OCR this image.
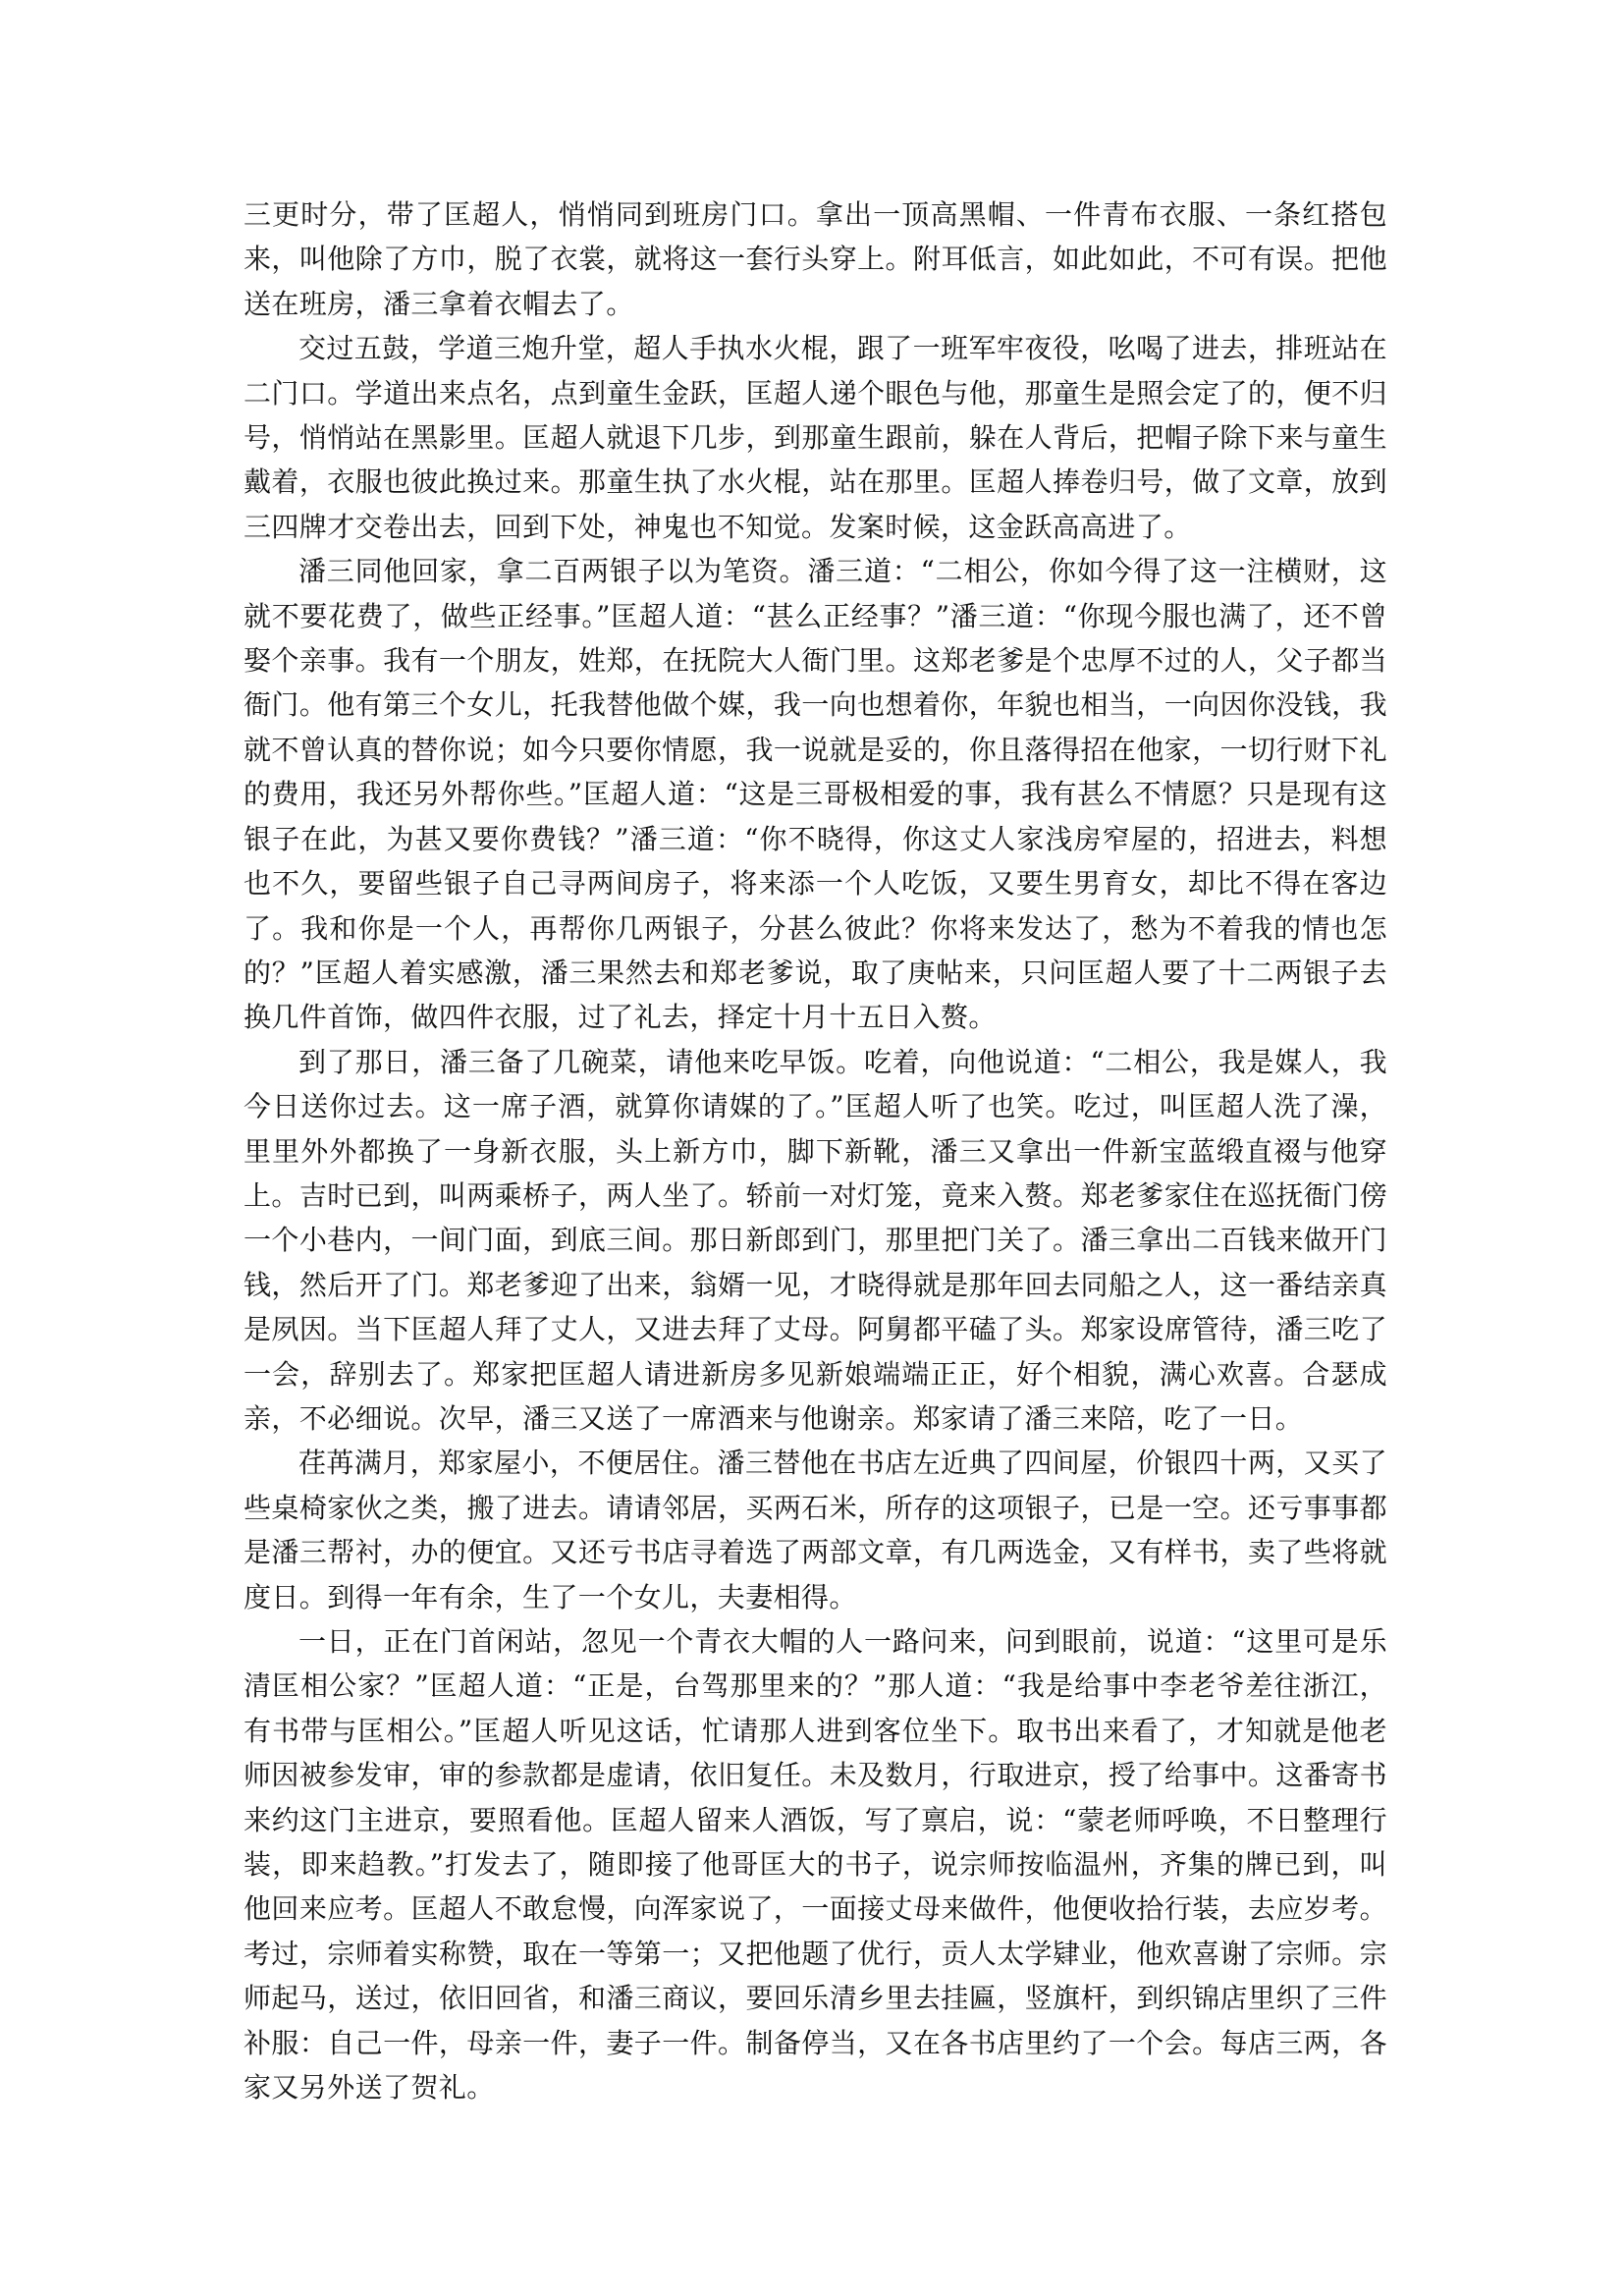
三更时分，带了匡超人，悄悄同到班房门口。拿出一顶高黑帽、一件青布衣服、一条红搭包来，叫他除了方巾，脱了衣裳，就将这一套行头穿上。附耳低言，如此如此，不可有误。把他送在班房，潘三拿着衣帽去了。

交过五鼓，学道三炮升堂，超人手执水火棍，跟了一班军牢夜役，吆喝了进去，排班站在二门口。学道出来点名，点到童生金跃，匡超人递个眼色与他，那童生是照会定了的，便不归号，悄悄站在黑影里。匡超人就退下几步，到那童生跟前，躲在人背后，把帽子除下来与童生戴着，衣服也彼此换过来。那童生执了水火棍，站在那里。匡超人捧卷归号，做了文章，放到三四牌才交卷出去，回到下处，神鬼也不知觉。发案时候，这金跃高高进了。

潘三同他回家，拿二百两银子以为笔资。潘三道：“二相公，你如今得了这一注横财，这就不要花费了，做些正经事。”匡超人道：“甚么正经事？”潘三道：“你现今服也满了，还不曾娶个亲事。我有一个朋友，姓郑，在抚院大人衙门里。这郑老爹是个忠厚不过的人，父子都当衙门。他有第三个女儿，托我替他做个媒，我一向也想着你，年貌也相当，一向因你没钱，我就不曾认真的替你说；如今只要你情愿，我一说就是妥的，你且落得招在他家，一切行财下礼的费用，我还另外帮你些。”匡超人道：“这是三哥极相爱的事，我有甚么不情愿？只是现有这银子在此，为甚又要你费钱？”潘三道：“你不晓得，你这丈人家浅房窄屋的，招进去，料想也不久，要留些银子自己寻两间房子，将来添一个人吃饭，又要生男育女，却比不得在客边了。我和你是一个人，再帮你几两银子，分甚么彼此？你将来发达了，愁为不着我的情也怎的？”匡超人着实感激，潘三果然去和郑老爹说，取了庚帖来，只问匡超人要了十二两银子去换几件首饰，做四件衣服，过了礼去，择定十月十五日入赘。

到了那日，潘三备了几碗菜，请他来吃早饭。吃着，向他说道：“二相公，我是媒人，我今日送你过去。这一席子酒，就算你请媒的了。”匡超人听了也笑。吃过，叫匡超人洗了澡，里里外外都换了一身新衣服，头上新方巾，脚下新靴，潘三又拿出一件新宝蓝缎直裰与他穿上。吉时已到，叫两乘桥子，两人坐了。轿前一对灯笼，竟来入赘。郑老爹家住在巡抚衙门傍一个小巷内，一间门面，到底三间。那日新郎到门，那里把门关了。潘三拿出二百钱来做开门钱，然后开了门。郑老爹迎了出来，翁婿一见，才晓得就是那年回去同船之人，这一番结亲真是夙因。当下匡超人拜了丈人，又进去拜了丈母。阿舅都平磕了头。郑家设席管待，潘三吃了一会，辞别去了。郑家把匡超人请进新房多见新娘端端正正，好个相貌，满心欢喜。合瑟成亲，不必细说。次早，潘三又送了一席酒来与他谢亲。郑家请了潘三来陪，吃了一日。

荏苒满月，郑家屋小，不便居住。潘三替他在书店左近典了四间屋，价银四十两，又买了些桌椅家伙之类，搬了进去。请请邻居，买两石米，所存的这项银子，已是一空。还亏事事都是潘三帮衬，办的便宜。又还亏书店寻着选了两部文章，有几两选金，又有样书，卖了些将就度日。到得一年有余，生了一个女儿，夫妻相得。

一日，正在门首闲站，忽见一个青衣大帽的人一路问来，问到眼前，说道：“这里可是乐清匡相公家？”匡超人道：“正是，台驾那里来的？”那人道：“我是给事中李老爷差往浙江，有书带与匡相公。”匡超人听见这话，忙请那人进到客位坐下。取书出来看了，才知就是他老师因被参发审，审的参款都是虚请，依旧复任。未及数月，行取进京，授了给事中。这番寄书来约这门主进京，要照看他。匡超人留来人酒饭，写了禀启，说：“蒙老师呼唤，不日整理行装，即来趋教。”打发去了，随即接了他哥匡大的书子，说宗师按临温州，齐集的牌已到，叫他回来应考。匡超人不敢怠慢，向浑家说了，一面接丈母来做件，他便收拾行装，去应岁考。考过，宗师着实称赞，取在一等第一；又把他题了优行，贡人太学肄业，他欢喜谢了宗师。宗师起马，送过，依旧回省，和潘三商议，要回乐清乡里去挂匾，竖旗杆，到织锦店里织了三件补服：自己一件，母亲一件，妻子一件。制备停当，又在各书店里约了一个会。每店三两，各家又另外送了贺礼。
